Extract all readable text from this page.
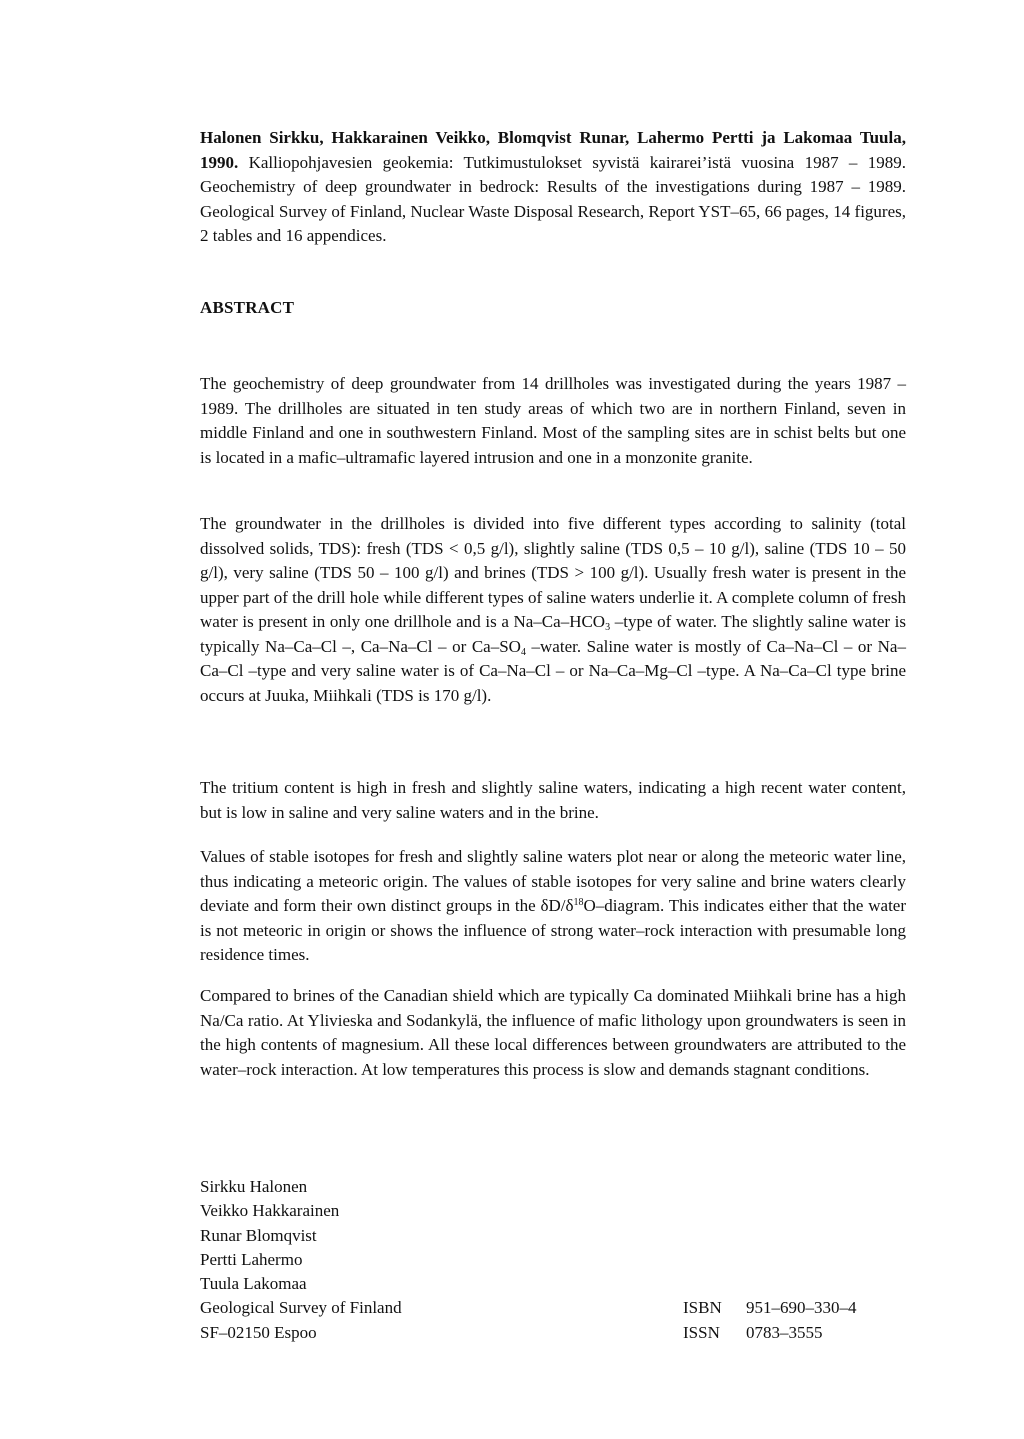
Halonen Sirkku, Hakkarainen Veikko, Blomqvist Runar, Lahermo Pertti ja Lakomaa Tuula, 1990. Kalliopohjavesien geokemia: Tutkimustulokset syvistä kairarei’istä vuosina 1987 – 1989. Geochemistry of deep groundwater in bedrock: Results of the investigations during 1987 – 1989. Geological Survey of Finland, Nuclear Waste Disposal Research, Report YST–65, 66 pages, 14 figures, 2 tables and 16 appendices.

ABSTRACT

The geochemistry of deep groundwater from 14 drillholes was investigated during the years 1987 – 1989. The drillholes are situated in ten study areas of which two are in northern Finland, seven in middle Finland and one in southwestern Finland. Most of the sampling sites are in schist belts but one is located in a mafic–ultramafic layered intrusion and one in a monzonite granite.

The groundwater in the drillholes is divided into five different types according to salinity (total dissolved solids, TDS): fresh (TDS < 0,5 g/l), slightly saline (TDS 0,5 – 10 g/l), saline (TDS 10 – 50 g/l), very saline (TDS 50 – 100 g/l) and brines (TDS > 100 g/l). Usually fresh water is present in the upper part of the drill hole while different types of saline waters underlie it. A complete column of fresh water is present in only one drillhole and is a $Na-Ca-HCO_3$ –type of water. The slightly saline water is typically Na–Ca–Cl –, Ca–Na–Cl – or $Ca-SO_4$ –water. Saline water is mostly of Ca–Na–Cl – or Na–Ca–Cl –type and very saline water is of Ca–Na–Cl – or Na–Ca–Mg–Cl –type. A Na–Ca–Cl type brine occurs at Juuka, Miihkali (TDS is 170 g/l).

The tritium content is high in fresh and slightly saline waters, indicating a high recent water content, but is low in saline and very saline waters and in the brine.

Values of stable isotopes for fresh and slightly saline waters plot near or along the meteoric water line, thus indicating a meteoric origin. The values of stable isotopes for very saline and brine waters clearly deviate and form their own distinct groups in the $\delta D/\delta^{18}O$–diagram. This indicates either that the water is not meteoric in origin or shows the influence of strong water–rock interaction with presumable long residence times.

Compared to brines of the Canadian shield which are typically Ca dominated Miihkali brine has a high Na/Ca ratio. At Ylivieska and Sodankylä, the influence of mafic lithology upon groundwaters is seen in the high contents of magnesium. All these local differences between groundwaters are attributed to the water–rock interaction. At low temperatures this process is slow and demands stagnant conditions.

Sirkku Halonen
Veikko Hakkarainen
Runar Blomqvist
Pertti Lahermo
Tuula Lakomaa
Geological Survey of Finland	ISBN 951–690–330–4
SF–02150 Espoo	ISSN 0783–3555
